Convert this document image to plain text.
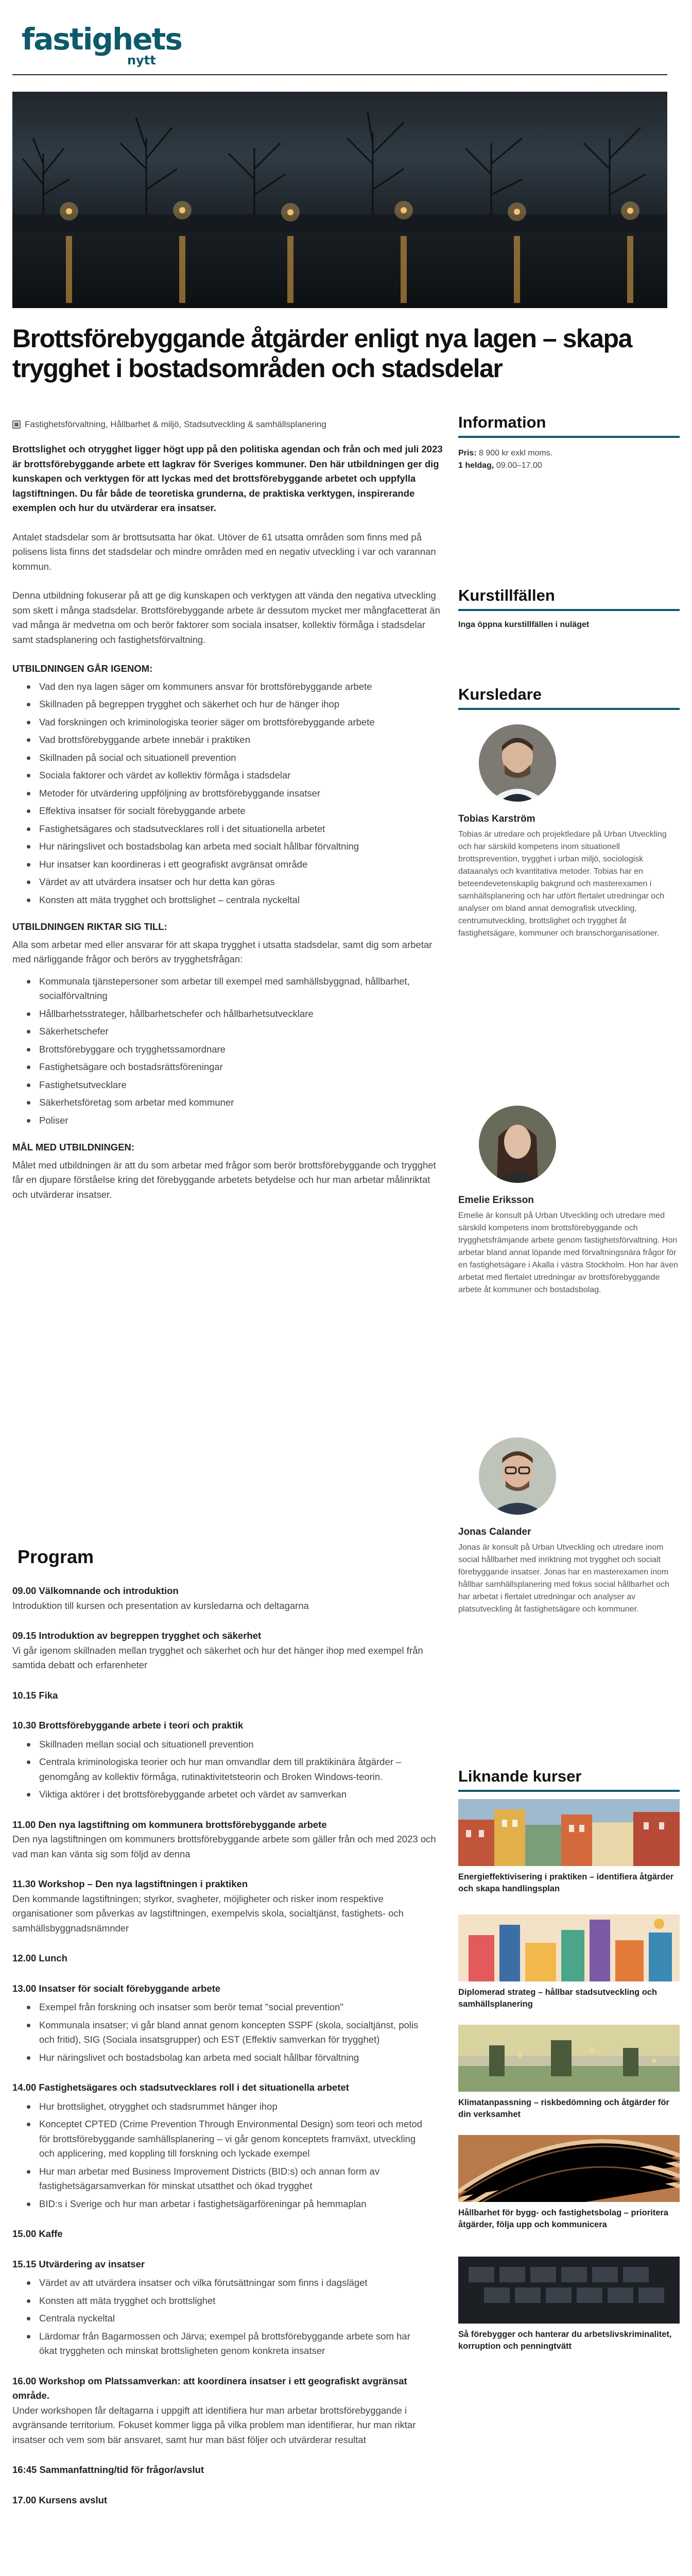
fastighets
nytt
Brottsförebyggande åtgärder enligt nya lagen – skapa trygghet i bostadsområden och stadsdelar
Fastighetsförvaltning, Hållbarhet & miljö, Stadsutveckling & samhällsplanering

Brottslighet och otrygghet ligger högt upp på den politiska agendan och från och med juli 2023 är brottsförebyggande arbete ett lagkrav för Sveriges kommuner. Den här utbildningen ger dig kunskapen och verktygen för att lyckas med det brottsförebyggande arbetet och uppfylla lagstiftningen. Du får både de teoretiska grunderna, de praktiska verktygen, inspirerande exemplen och hur du utvärderar era insatser.

Antalet stadsdelar som är brottsutsatta har ökat. Utöver de 61 utsatta områden som finns med på polisens lista finns det stadsdelar och mindre områden med en negativ utveckling i var och varannan kommun.

Denna utbildning fokuserar på att ge dig kunskapen och verktygen att vända den negativa utveckling som skett i många stadsdelar. Brottsförebyggande arbete är dessutom mycket mer mångfacetterat än vad många är medvetna om och berör faktorer som sociala insatser, kollektiv förmåga i stadsdelar samt stadsplanering och fastighetsförvaltning.

UTBILDNINGEN GÅR IGENOM:
Vad den nya lagen säger om kommuners ansvar för brottsförebyggande arbete
Skillnaden på begreppen trygghet och säkerhet och hur de hänger ihop
Vad forskningen och kriminologiska teorier säger om brottsförebyggande arbete
Vad brottsförebyggande arbete innebär i praktiken
Skillnaden på social och situationell prevention
Sociala faktorer och värdet av kollektiv förmåga i stadsdelar
Metoder för utvärdering uppföljning av brottsförebyggande insatser
Effektiva insatser för socialt förebyggande arbete
Fastighetsägares och stadsutvecklares roll i det situationella arbetet
Hur näringslivet och bostadsbolag kan arbeta med socialt hållbar förvaltning
Hur insatser kan koordineras i ett geografiskt avgränsat område
Värdet av att utvärdera insatser och hur detta kan göras
Konsten att mäta trygghet och brottslighet – centrala nyckeltal
UTBILDNINGEN RIKTAR SIG TILL:
Alla som arbetar med eller ansvarar för att skapa trygghet i utsatta stadsdelar, samt dig som arbetar med närliggande frågor och berörs av trygghetsfrågan:
Kommunala tjänstepersoner som arbetar till exempel med samhällsbyggnad, hållbarhet, socialförvaltning
Hållbarhetsstrateger, hållbarhetschefer och hållbarhetsutvecklare
Säkerhetschefer
Brottsförebyggare och trygghetssamordnare
Fastighetsägare och bostadsrättsföreningar
Fastighetsutvecklare
Säkerhetsföretag som arbetar med kommuner
Poliser
MÅL MED UTBILDNINGEN:
Målet med utbildningen är att du som arbetar med frågor som berör brottsförebyggande och trygghet får en djupare förståelse kring det förebyggande arbetets betydelse och hur man arbetar målinriktat och utvärderar insatser.
Program
09.00 Välkomnande och introduktion
Introduktion till kursen och presentation av kursledarna och deltagarna
09.15 Introduktion av begreppen trygghet och säkerhet
Vi går igenom skillnaden mellan trygghet och säkerhet och hur det hänger ihop med exempel från samtida debatt och erfarenheter
10.15 Fika
10.30 Brottsförebyggande arbete i teori och praktik
Skillnaden mellan social och situationell prevention
Centrala kriminologiska teorier och hur man omvandlar dem till praktikinära åtgärder – genomgång av kollektiv förmåga, rutinaktivitetsteorin och Broken Windows-teorin.
Viktiga aktörer i det brottsförebyggande arbetet och värdet av samverkan
11.00 Den nya lagstiftning om kommunera brottsförebyggande arbete
Den nya lagstiftningen om kommuners brottsförebyggande arbete som gäller från och med 2023 och vad man kan vänta sig som följd av denna
11.30 Workshop – Den nya lagstiftningen i praktiken
Den kommande lagstiftningen; styrkor, svagheter, möjligheter och risker inom respektive organisationer som påverkas av lagstiftningen, exempelvis skola, socialtjänst, fastighets- och samhällsbyggnadsnämnder
12.00 Lunch
13.00 Insatser för socialt förebyggande arbete
Exempel från forskning och insatser som berör temat "social prevention"
Kommunala insatser; vi går bland annat genom koncepten SSPF (skola, socialtjänst, polis och fritid), SIG (Sociala insatsgrupper) och EST (Effektiv samverkan för trygghet)
Hur näringslivet och bostadsbolag kan arbeta med socialt hållbar förvaltning
14.00 Fastighetsägares och stadsutvecklares roll i det situationella arbetet
Hur brottslighet, otrygghet och stadsrummet hänger ihop
Konceptet CPTED (Crime Prevention Through Environmental Design) som teori och metod för brottsförebyggande samhällsplanering – vi går genom konceptets framväxt, utveckling och applicering, med koppling till forskning och lyckade exempel
Hur man arbetar med Business Improvement Districts (BID:s) och annan form av fastighetsägarsamverkan för minskat utsatthet och ökad trygghet
BID:s i Sverige och hur man arbetar i fastighetsägarföreningar på hemmaplan
15.00 Kaffe
15.15 Utvärdering av insatser
Värdet av att utvärdera insatser och vilka förutsättningar som finns i dagsläget
Konsten att mäta trygghet och brottslighet
Centrala nyckeltal
Lärdomar från Bagarmossen och Järva; exempel på brottsförebyggande arbete som har ökat tryggheten och minskat brottsligheten genom konkreta insatser
16.00 Workshop om Platssamverkan: att koordinera insatser i ett geografiskt avgränsat område.
Under workshopen får deltagarna i uppgift att identifiera hur man arbetar brottsförebyggande i avgränsande territorium. Fokuset kommer ligga på vilka problem man identifierar, hur man riktar insatser och vem som bär ansvaret, samt hur man bäst följer och utvärderar resultat
16:45 Sammanfattning/tid för frågor/avslut
17.00 Kursens avslut
Information
Pris: 8 900 kr exkl moms.
1 heldag, 09.00–17.00
Kurstillfällen
Inga öppna kurstillfällen i nuläget
Kursledare
Tobias Karström
Tobias är utredare och projektledare på Urban Utveckling och har särskild kompetens inom situationell brottsprevention, trygghet i urban miljö, sociologisk dataanalys och kvantitativa metoder. Tobias har en beteendevetenskaplig bakgrund och masterexamen i samhällsplanering och har utfört flertalet utredningar och analyser om bland annat demografisk utveckling, centrumutveckling, brottslighet och trygghet åt fastighetsägare, kommuner och branschorganisationer.
Emelie Eriksson
Emelie är konsult på Urban Utveckling och utredare med särskild kompetens inom brottsförebyggande och trygghetsfrämjande arbete genom fastighetsförvaltning. Hon arbetar bland annat löpande med förvaltningsnära frågor för en fastighetsägare i Akalla i västra Stockholm. Hon har även arbetat med flertalet utredningar av brottsförebyggande arbete åt kommuner och bostadsbolag.
Jonas Calander
Jonas är konsult på Urban Utveckling och utredare inom social hållbarhet med inriktning mot trygghet och socialt förebyggande insatser. Jonas har en masterexamen inom hållbar samhällsplanering med fokus social hållbarhet och har arbetat i flertalet utredningar och analyser av platsutveckling åt fastighetsägare och kommuner.
Liknande kurser
Energieffektivisering i praktiken – identifiera åtgärder och skapa handlingsplan
Diplomerad strateg – hållbar stadsutveckling och samhällsplanering
Klimatanpassning – riskbedömning och åtgärder för din verksamhet
Hållbarhet för bygg- och fastighetsbolag – prioritera åtgärder, följa upp och kommunicera
Så förebygger och hanterar du arbetslivskriminalitet, korruption och penningtvätt
